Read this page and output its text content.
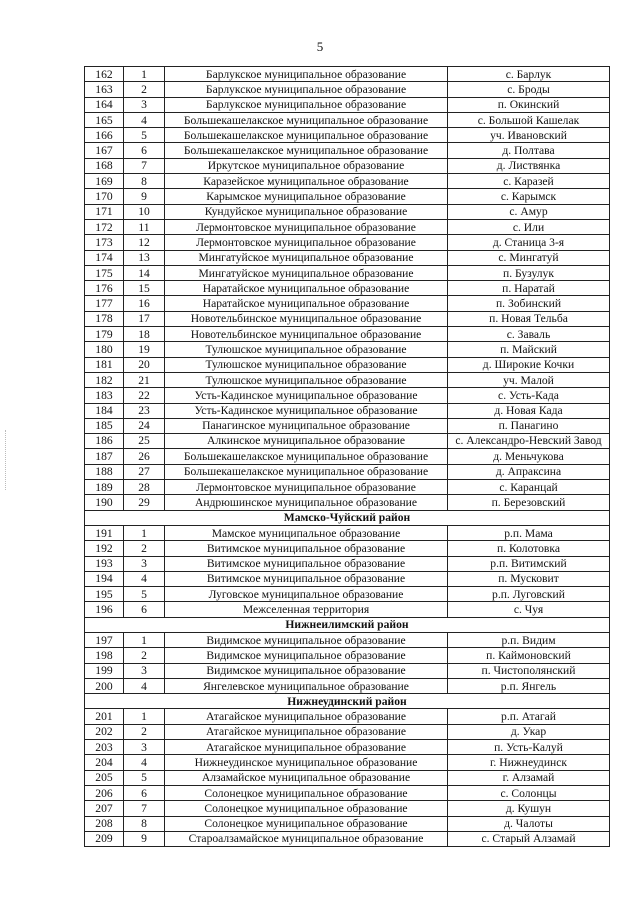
5
162	1	Барлукское муниципальное образование	с. Барлук
163	2	Барлукское муниципальное образование	с. Броды
164	3	Барлукское муниципальное образование	п. Окинский
165	4	Большекашелакское муниципальное образование	с. Большой Кашелак
166	5	Большекашелакское муниципальное образование	уч. Ивановский
167	6	Большекашелакское муниципальное образование	д. Полтава
168	7	Иркутское муниципальное образование	д. Листвянка
169	8	Каразейское муниципальное образование	с. Каразей
170	9	Карымское муниципальное образование	с. Карымск
171	10	Кундуйское муниципальное образование	с. Амур
172	11	Лермонтовское муниципальное образование	с. Или
173	12	Лермонтовское муниципальное образование	д. Станица 3-я
174	13	Мингатуйское муниципальное образование	с. Мингатуй
175	14	Мингатуйское муниципальное образование	п. Бузулук
176	15	Наратайское муниципальное образование	п. Наратай
177	16	Наратайское муниципальное образование	п. Зобинский
178	17	Новотельбинское муниципальное образование	п. Новая Тельба
179	18	Новотельбинское муниципальное образование	с. Заваль
180	19	Тулюшское муниципальное образование	п. Майский
181	20	Тулюшское муниципальное образование	д. Широкие Кочки
182	21	Тулюшское муниципальное образование	уч. Малой
183	22	Усть-Кадинское муниципальное образование	с. Усть-Када
184	23	Усть-Кадинское муниципальное образование	д. Новая Када
185	24	Панагинское муниципальное образование	п. Панагино
186	25	Алкинское муниципальное образование	с. Александро-Невский Завод
187	26	Большекашелакское муниципальное образование	д. Меньчукова
188	27	Большекашелакское муниципальное образование	д. Апраксина
189	28	Лермонтовское муниципальное образование	с. Каранцай
190	29	Андрюшинское муниципальное образование	п. Березовский
Мамско-Чуйский район			
191	1	Мамское муниципальное образование	р.п. Мама
192	2	Витимское муниципальное образование	п. Колотовка
193	3	Витимское муниципальное образование	р.п. Витимский
194	4	Витимское муниципальное образование	п. Мусковит
195	5	Луговское муниципальное образование	р.п. Луговский
196	6	Межселенная территория	с. Чуя
Нижнеилимский район			
197	1	Видимское муниципальное образование	р.п. Видим
198	2	Видимское муниципальное образование	п. Каймоновский
199	3	Видимское муниципальное образование	п. Чистополянский
200	4	Янгелевское муниципальное образование	р.п. Янгель
Нижнеудинский район			
201	1	Атагайское муниципальное образование	р.п. Атагай
202	2	Атагайское муниципальное образование	д. Укар
203	3	Атагайское муниципальное образование	п. Усть-Калуй
204	4	Нижнеудинское муниципальное образование	г. Нижнеудинск
205	5	Алзамайское муниципальное образование	г. Алзамай
206	6	Солонецкое муниципальное образование	с. Солонцы
207	7	Солонецкое муниципальное образование	д. Кушун
208	8	Солонецкое муниципальное образование	д. Чалоты
209	9	Староалзамайское муниципальное образование	с. Старый Алзамай
